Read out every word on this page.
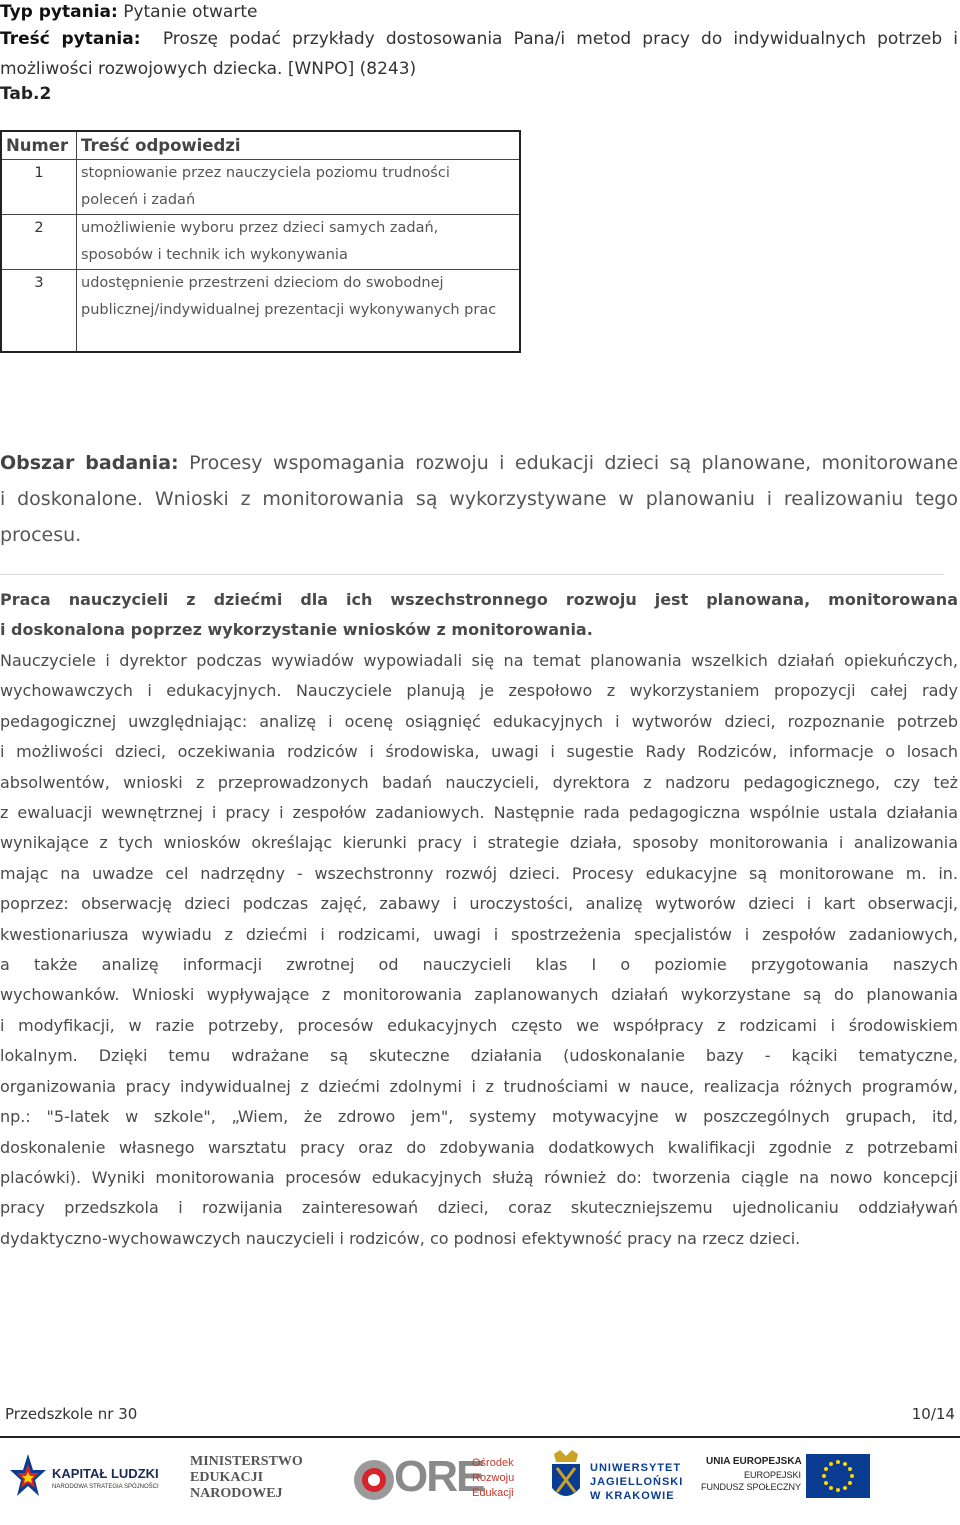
Typ pytania: Pytanie otwarte
Treść pytania: Proszę podać przykłady dostosowania Pana/i metod pracy do indywidualnych potrzeb i
możliwości rozwojowych dziecka. [WNPO] (8243)
Tab.2
Numer	Treść odpowiedzi
1	stopniowanie przez nauczyciela poziomu trudności
poleceń i zadań

2	umożliwienie wyboru przez dzieci samych zadań,
sposobów i technik ich wykonywania

3	udostępnienie przestrzeni dzieciom do swobodnej
publicznej/indywidualnej prezentacji wykonywanych prac
Obszar badania: Procesy wspomagania rozwoju i edukacji dzieci są planowane, monitorowane
i doskonalone. Wnioski z monitorowania są wykorzystywane w planowaniu i realizowaniu tego
procesu.
Praca nauczycieli z dziećmi dla ich wszechstronnego rozwoju jest planowana, monitorowana
i doskonalona poprzez wykorzystanie wniosków z monitorowania.
Nauczyciele i dyrektor podczas wywiadów wypowiadali się na temat planowania wszelkich działań opiekuńczych,
wychowawczych i edukacyjnych. Nauczyciele planują je zespołowo z wykorzystaniem propozycji całej rady
pedagogicznej uwzględniając: analizę i ocenę osiągnięć edukacyjnych i wytworów dzieci, rozpoznanie potrzeb
i możliwości dzieci, oczekiwania rodziców i środowiska, uwagi i sugestie Rady Rodziców, informacje o losach
absolwentów, wnioski z przeprowadzonych badań nauczycieli, dyrektora z nadzoru pedagogicznego, czy też
z ewaluacji wewnętrznej i pracy i zespołów zadaniowych. Następnie rada pedagogiczna wspólnie ustala działania
wynikające z tych wniosków określając kierunki pracy i strategie działa, sposoby monitorowania i analizowania
mając na uwadze cel nadrzędny - wszechstronny rozwój dzieci. Procesy edukacyjne są monitorowane m. in.
poprzez: obserwację dzieci podczas zajęć, zabawy i uroczystości, analizę wytworów dzieci i kart obserwacji,
kwestionariusza wywiadu z dziećmi i rodzicami, uwagi i spostrzeżenia specjalistów i zespołów zadaniowych,
a także analizę informacji zwrotnej od nauczycieli klas I o poziomie przygotowania naszych
wychowanków. Wnioski wypływające z monitorowania zaplanowanych działań wykorzystane są do planowania
i modyfikacji, w razie potrzeby, procesów edukacyjnych często we współpracy z rodzicami i środowiskiem
lokalnym. Dzięki temu wdrażane są skuteczne działania (udoskonalanie bazy - kąciki tematyczne,
organizowania pracy indywidualnej z dziećmi zdolnymi i z trudnościami w nauce, realizacja różnych programów,
np.: "5-latek w szkole", „Wiem, że zdrowo jem", systemy motywacyjne w poszczególnych grupach, itd,
doskonalenie własnego warsztatu pracy oraz do zdobywania dodatkowych kwalifikacji zgodnie z potrzebami
placówki). Wyniki monitorowania procesów edukacyjnych służą również do: tworzenia ciągle na nowo koncepcji
pracy przedszkola i rozwijania zainteresowań dzieci, coraz skuteczniejszemu ujednolicaniu oddziaływań
dydaktyczno-wychowawczych nauczycieli i rodziców, co podnosi efektywność pracy na rzecz dzieci.
Przedszkole nr 30	10/14
KAPITAŁ LUDZKI
NARODOWA STRATEGIA SPÓJNOŚCI
MINISTERSTWO
EDUKACJI
NARODOWEJ	ORE
Ośrodek
Rozwoju
Edukacji
UNIWERSYTET
JAGIELLOŃSKI
W KRAKOWIE
UNIA EUROPEJSKA
EUROPEJSKI
FUNDUSZ SPOŁECZNY
